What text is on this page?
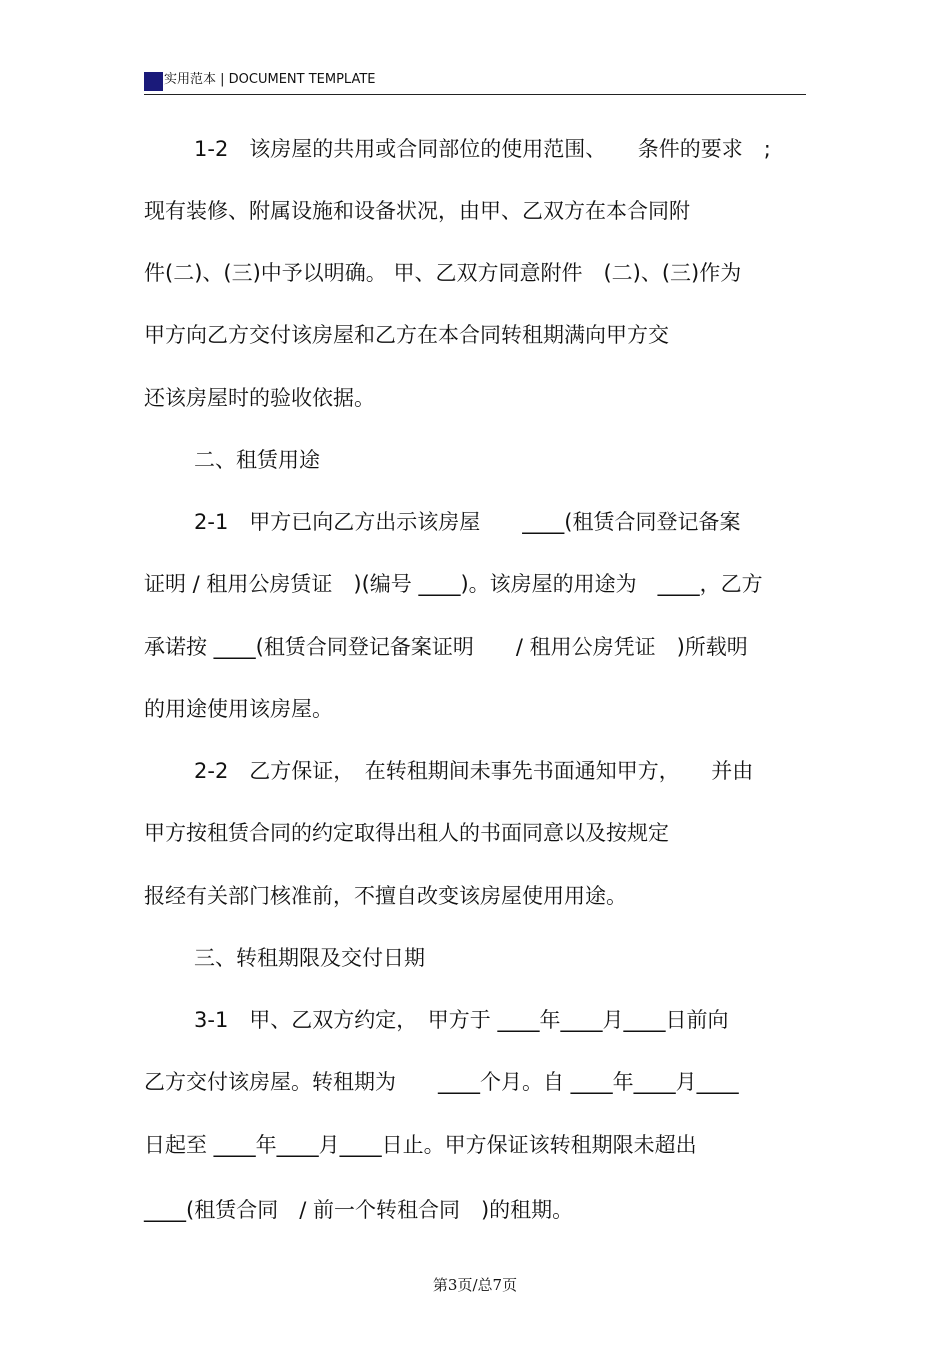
实用范本 | DOCUMENT TEMPLATE
1-2　该房屋的共用或合同部位的使用范围、　　条件的要求　;
现有装修、附属设施和设备状况，由甲、乙双方在本合同附
件(二)、(三)中予以明确。 甲、乙双方同意附件　(二)、(三)作为
甲方向乙方交付该房屋和乙方在本合同转租期满向甲方交
还该房屋时的验收依据。
二、租赁用途
2-1　甲方已向乙方出示该房屋　　____(租赁合同登记备案
证明 / 租用公房赁证　)(编号 ____)。该房屋的用途为　____，乙方
承诺按 ____(租赁合同登记备案证明　　/ 租用公房凭证　)所载明
的用途使用该房屋。
2-2　乙方保证，　在转租期间未事先书面通知甲方，　　并由
甲方按租赁合同的约定取得出租人的书面同意以及按规定
报经有关部门核准前，不擅自改变该房屋使用用途。
三、转租期限及交付日期
3-1　甲、乙双方约定，　甲方于 ____年____月____日前向
乙方交付该房屋。转租期为　　____个月。自 ____年____月____
日起至 ____年____月____日止。甲方保证该转租期限未超出
____(租赁合同　/ 前一个转租合同　)的租期。
第3页/总7页
